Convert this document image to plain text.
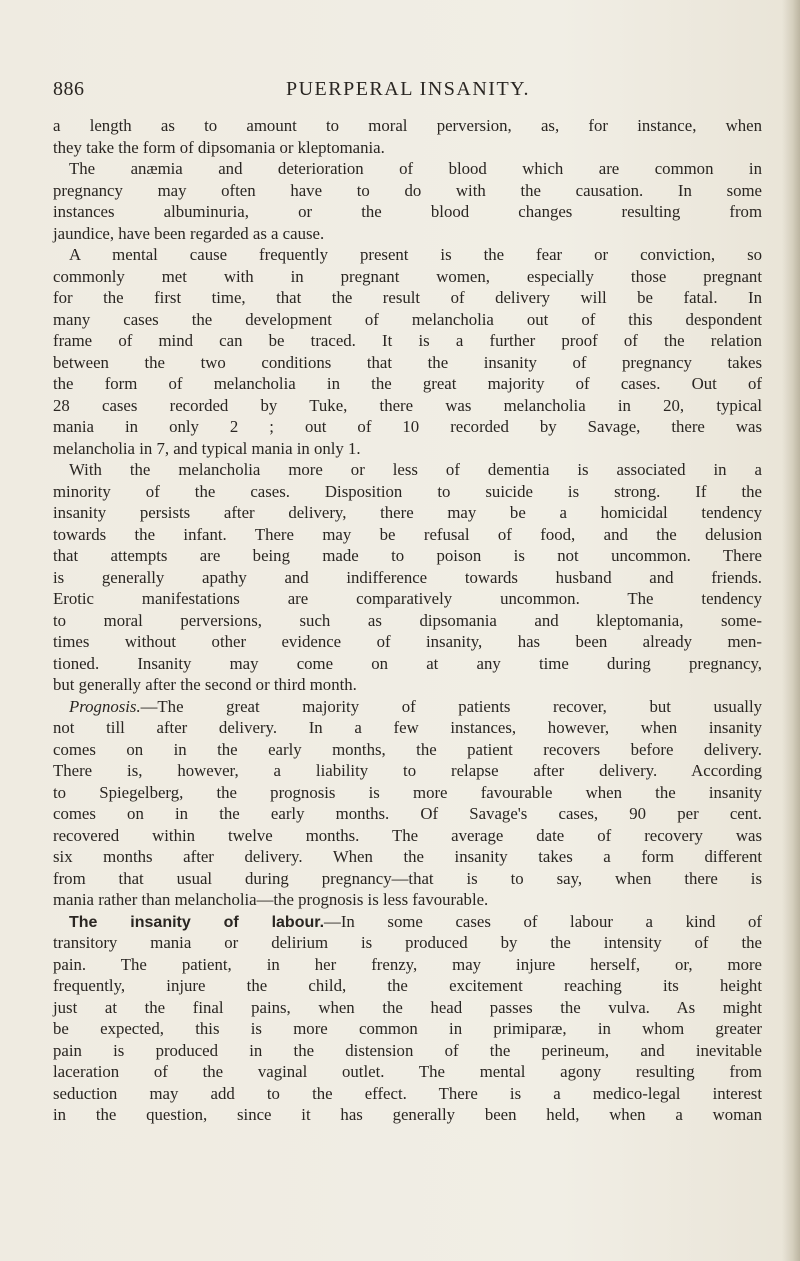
886	PUERPERAL INSANITY.
a length as to amount to moral perversion, as, for instance, when
they take the form of dipsomania or kleptomania.
The anæmia and deterioration of blood which are common in
pregnancy may often have to do with the causation. In some
instances albuminuria, or the blood changes resulting from
jaundice, have been regarded as a cause.
A mental cause frequently present is the fear or conviction, so
commonly met with in pregnant women, especially those pregnant
for the first time, that the result of delivery will be fatal. In
many cases the development of melancholia out of this despondent
frame of mind can be traced. It is a further proof of the relation
between the two conditions that the insanity of pregnancy takes
the form of melancholia in the great majority of cases. Out of
28 cases recorded by Tuke, there was melancholia in 20, typical
mania in only 2 ; out of 10 recorded by Savage, there was
melancholia in 7, and typical mania in only 1.
With the melancholia more or less of dementia is associated in a
minority of the cases. Disposition to suicide is strong. If the
insanity persists after delivery, there may be a homicidal tendency
towards the infant. There may be refusal of food, and the delusion
that attempts are being made to poison is not uncommon. There
is generally apathy and indifference towards husband and friends.
Erotic manifestations are comparatively uncommon. The tendency
to moral perversions, such as dipsomania and kleptomania, some-
times without other evidence of insanity, has been already men-
tioned. Insanity may come on at any time during pregnancy,
but generally after the second or third month.
Prognosis.—The great majority of patients recover, but usually
not till after delivery. In a few instances, however, when insanity
comes on in the early months, the patient recovers before delivery.
There is, however, a liability to relapse after delivery. According
to Spiegelberg, the prognosis is more favourable when the insanity
comes on in the early months. Of Savage's cases, 90 per cent.
recovered within twelve months. The average date of recovery was
six months after delivery. When the insanity takes a form different
from that usual during pregnancy—that is to say, when there is
mania rather than melancholia—the prognosis is less favourable.
The insanity of labour.—In some cases of labour a kind of
transitory mania or delirium is produced by the intensity of the
pain. The patient, in her frenzy, may injure herself, or, more
frequently, injure the child, the excitement reaching its height
just at the final pains, when the head passes the vulva. As might
be expected, this is more common in primiparæ, in whom greater
pain is produced in the distension of the perineum, and inevitable
laceration of the vaginal outlet. The mental agony resulting from
seduction may add to the effect. There is a medico-legal interest
in the question, since it has generally been held, when a woman
